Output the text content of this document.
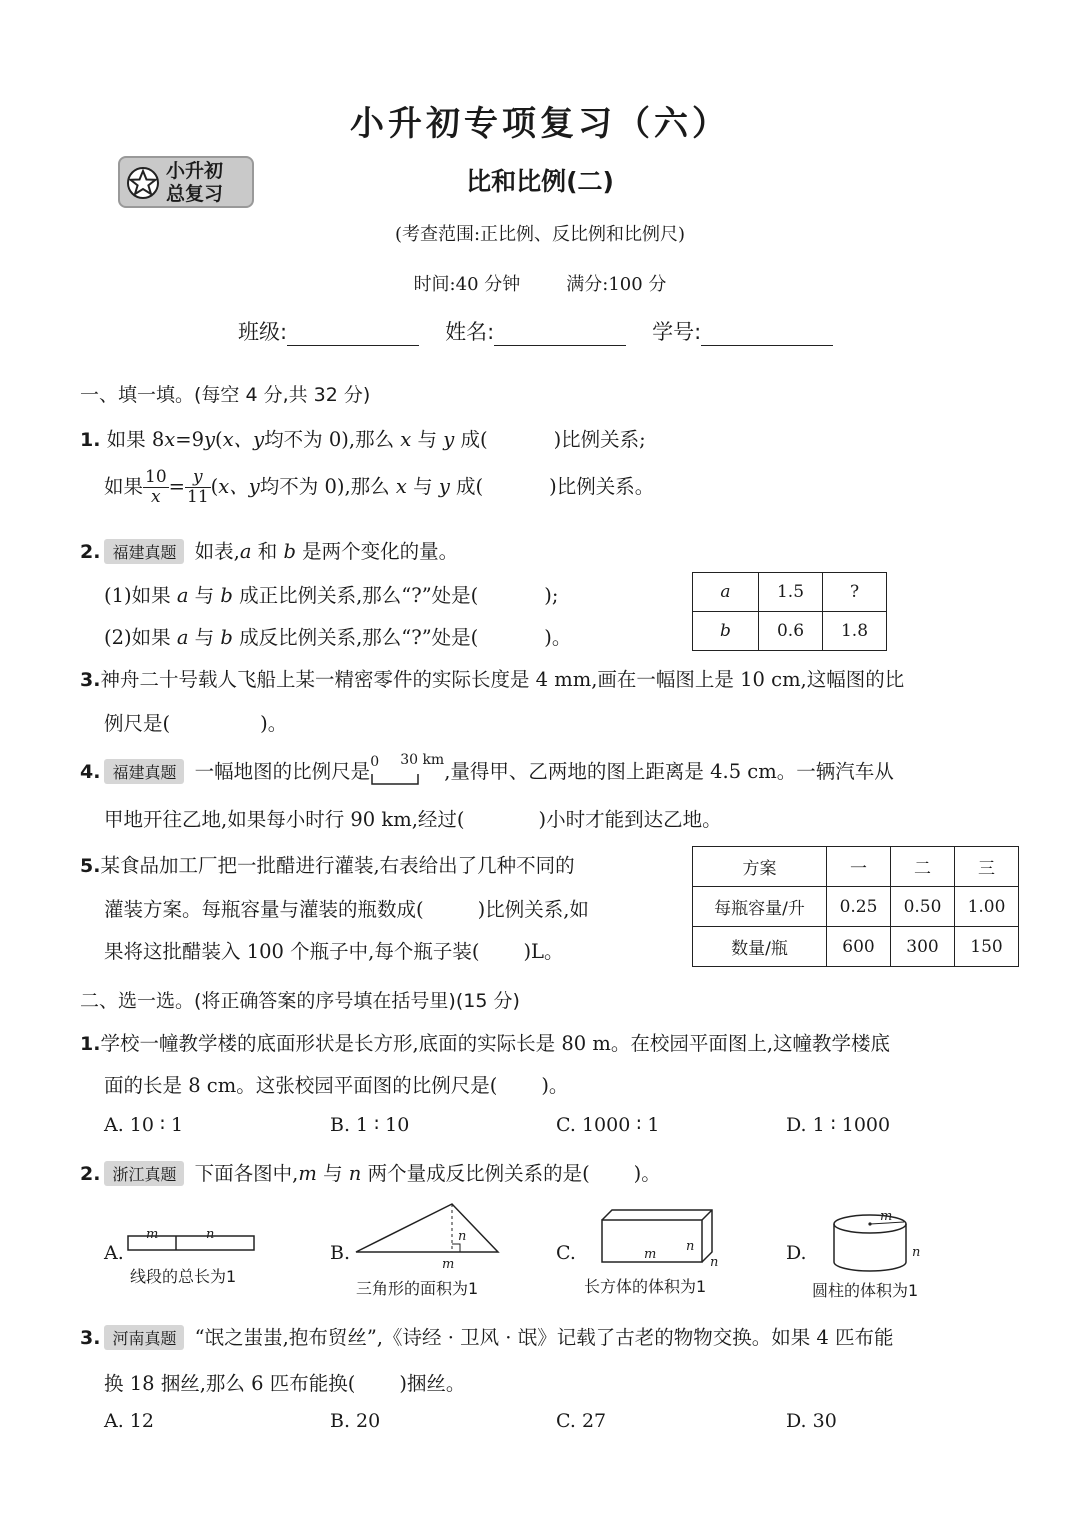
小升初专项复习（六）
小升初
总复习	比和比例(二)
(考查范围:正比例、反比例和比例尺)
时间:40 分钟	满分:100 分
班级:	姓名:	学号:
一、填一填。(每空 4 分,共 32 分)
1. 如果 8x=9y(x、y均不为 0),那么 x 与 y 成(	)比例关系;
如果 $\frac{10}{x} = \frac{y}{11} (x$、y均不为 0),那么 x 与 y 成(	)比例关系。
2. 福建真题 如表,a 和 b 是两个变化的量。
(1)如果 a 与 b 成正比例关系,那么“?”处是(	);
(2)如果 a 与 b 成反比例关系,那么“?”处是(	)。
a	1.5	?
b	0.6	1.8
3.神舟二十号载人飞船上某一精密零件的实际长度是 4 mm,画在一幅图上是 10 cm,这幅图的比
例尺是(	)。
4. 福建真题 一幅地图的比例尺是 0 30 km
,量得甲、乙两地的图上距离是 4.5 cm。一辆汽车从
甲地开往乙地,如果每小时行 90 km,经过(	)小时才能到达乙地。
5.某食品加工厂把一批醋进行灌装,右表给出了几种不同的
灌装方案。每瓶容量与灌装的瓶数成(	)比例关系,如
果将这批醋装入 100 个瓶子中,每个瓶子装( )L。
方案	一	二	三
每瓶容量/升	0.25	0.50	1.00
数量/瓶	600	300	150
二、选一选。(将正确答案的序号填在括号里)(15 分)
1.学校一幢教学楼的底面形状是长方形,底面的实际长是 80 m。在校园平面图上,这幢教学楼底
面的长是 8 cm。这张校园平面图的比例尺是( )。
A. 10 ∶ 1	B. 1 ∶ 10	C. 1000 ∶ 1	D. 1 ∶ 1000
2. 浙江真题 下面各图中,m 与 n 两个量成反比例关系的是( )。
A.
m	n
线段的总长为1
B.
n
m
三角形的面积为1
C.	m
n
n
长方体的体积为1
D.
m
n
圆柱的体积为1
3. 河南真题 “氓之蚩蚩,抱布贸丝”,《诗经 · 卫风 · 氓》记载了古老的物物交换。如果 4 匹布能
换 18 捆丝,那么 6 匹布能换( )捆丝。
A. 12	B. 20	C. 27	D. 30
